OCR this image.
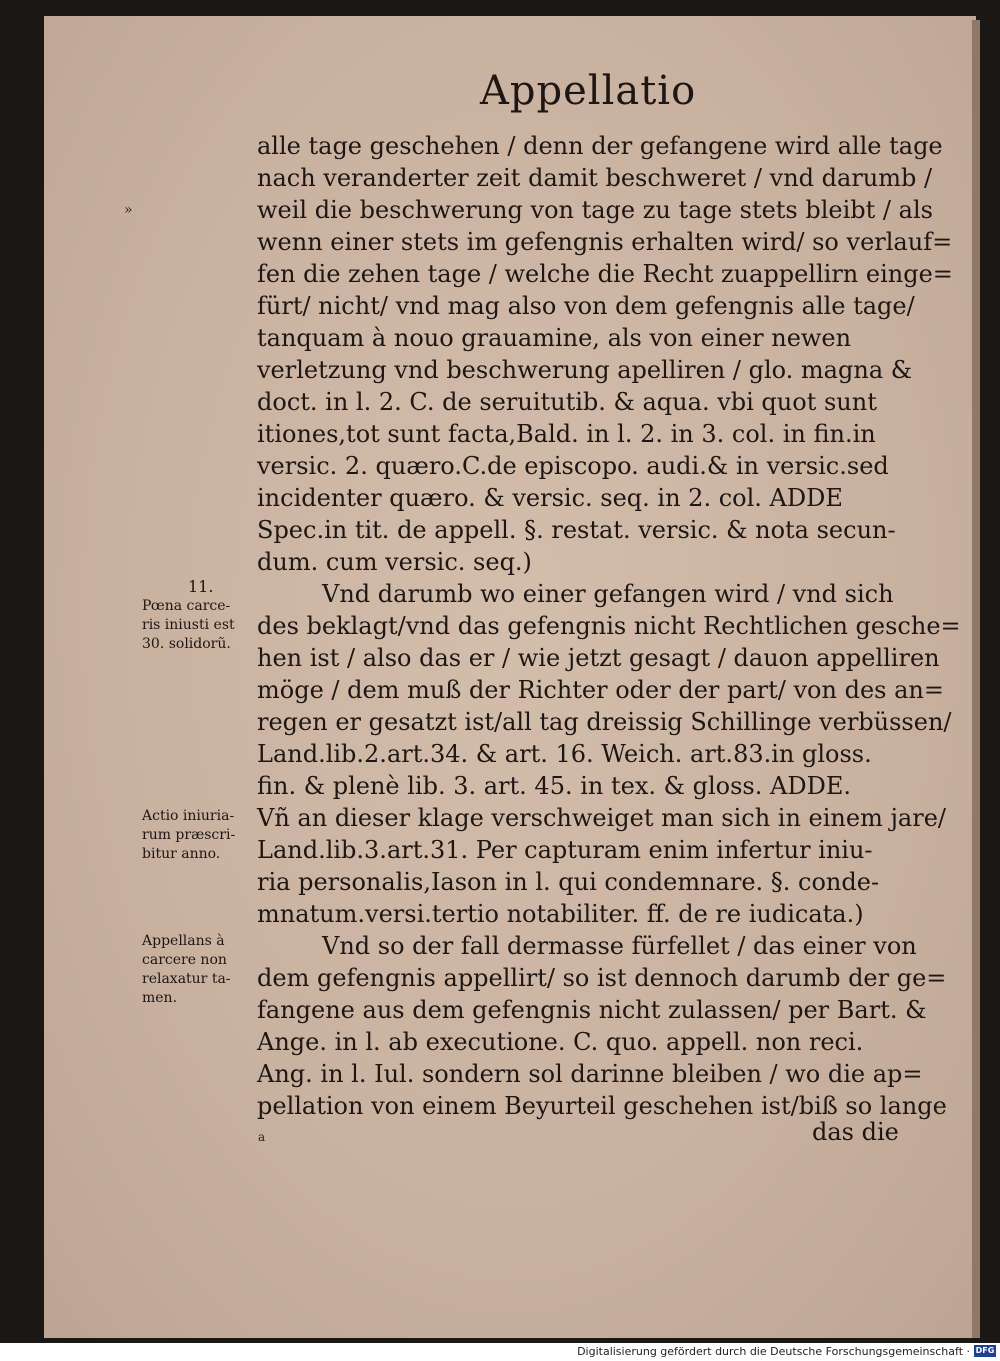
Appellatio
»
11.
Pœna carce-
ris iniusti est
30. solidorũ.
Actio iniuria-
rum præscri-
bitur anno.
Appellans à
carcere non
relaxatur ta-
men.
alle tage geschehen / denn der gefangene wird alle tage
nach veranderter zeit damit beschweret / vnd darumb /
weil die beschwerung von tage zu tage stets bleibt / als
wenn einer stets im gefengnis erhalten wird/ so verlauf=
fen die zehen tage / welche die Recht zuappellirn einge=
fürt/ nicht/ vnd mag also von dem gefengnis alle tage/
tanquam à nouo grauamine, als von einer newen
verletzung vnd beschwerung apelliren / glo. magna &
doct. in l. 2. C. de seruitutib. & aqua. vbi quot sunt
itiones,tot sunt facta,Bald. in l. 2. in 3. col. in fin.in
versic. 2. quæro.C.de episcopo. audi.& in versic.sed
incidenter quæro. & versic. seq. in 2. col. ADDE
Spec.in tit. de appell. §. restat. versic. & nota secun-
dum. cum versic. seq.)
Vnd darumb wo einer gefangen wird / vnd sich
des beklagt/vnd das gefengnis nicht Rechtlichen gesche=
hen ist / also das er / wie jetzt gesagt / dauon appelliren
möge / dem muß der Richter oder der part/ von des an=
regen er gesatzt ist/all tag dreissig Schillinge verbüssen/
Land.lib.2.art.34. & art. 16. Weich. art.83.in gloss.
fin. & plenè lib. 3. art. 45. in tex. & gloss. ADDE.
Vñ an dieser klage verschweiget man sich in einem jare/
Land.lib.3.art.31. Per capturam enim infertur iniu-
ria personalis,Iason in l. qui condemnare. §. conde-
mnatum.versi.tertio notabiliter. ff. de re iudicata.)
Vnd so der fall dermasse fürfellet / das einer von
dem gefengnis appellirt/ so ist dennoch darumb der ge=
fangene aus dem gefengnis nicht zulassen/ per Bart. &
Ange. in l. ab executione. C. quo. appell. non reci.
Ang. in l. Iul. sondern sol darinne bleiben / wo die ap=
pellation von einem Beyurteil geschehen ist/biß so lange
a	das die
Digitalisierung gefördert durch die Deutsche Forschungsgemeinschaft · DFG
